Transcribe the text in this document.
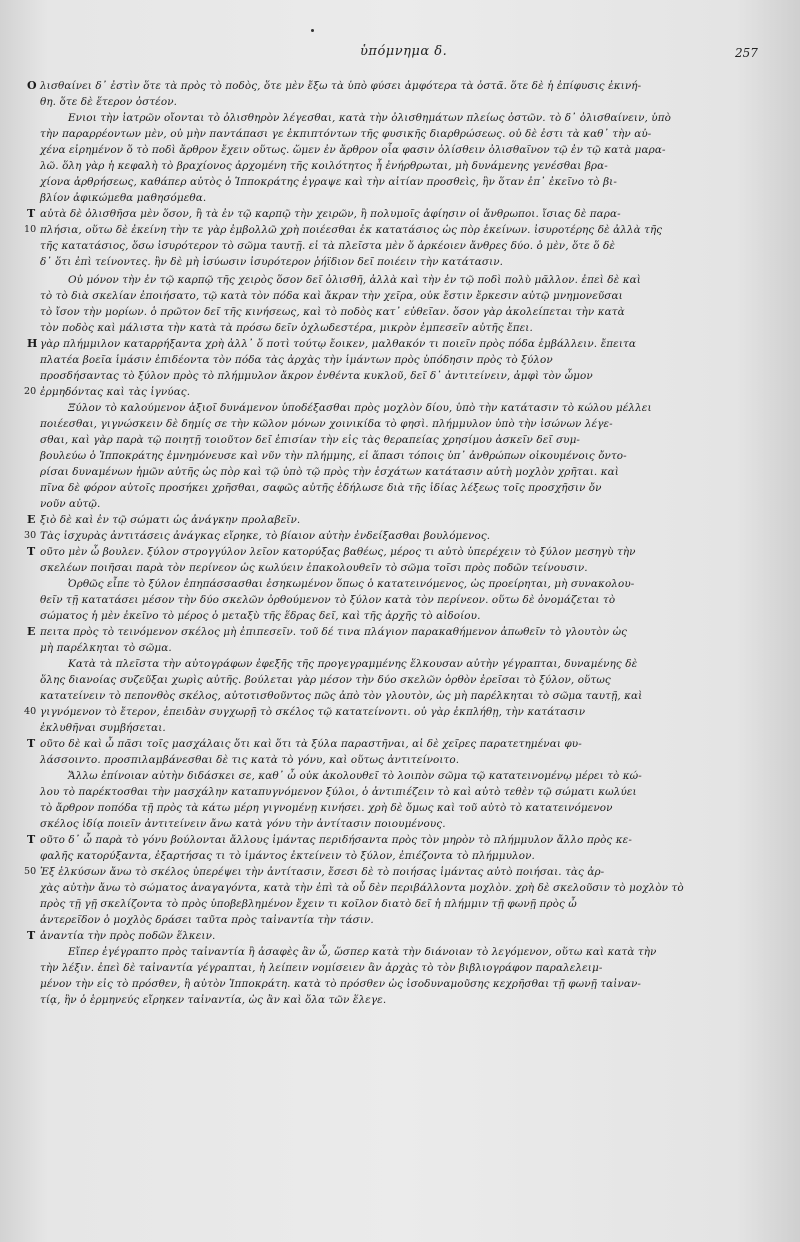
ὑπόμνημα δ.	257
Ο λισθαίνει δ᾽ ἐστὶν ὅτε τὰ πρὸς τὸ ποδὸς, ὅτε μὲν ἔξω τὰ ὑπὸ φύσει ἀμφότερα τὰ ὀστᾶ. ὅτε δὲ ἡ ἐπίφυσις ἐκινή-
θη. ὅτε δὲ ἕτερον ὀστέον.
Ενιοι τὴν ἰατρῶν οἴονται τὸ ὀλισθηρὸν λέγεσθαι, κατὰ τὴν ὀλισθημάτων πλείως ὀστῶν. τὸ δ᾽ ὀλισθαίνειν, ὑπὸ
τὴν παραρρέοντων μὲν, οὐ μὴν παντάπασι γε ἐκπιπτόντων τῆς φυσικῆς διαρθρώσεως. οὐ δὲ ἐστι τὰ καθ᾽ τὴν αὐ-
χένα εἰρημένον ὅ τὸ ποδὶ ἄρθρον ἔχειν οὕτως. ὥμεν ἐν ἄρθρον οἷα φασιν ὀλίσθειν ὀλισθαῖνον τῷ ἐν τῷ κατὰ μαρα-
λῶ. ὅλη γὰρ ἡ κεφαλὴ τὸ βραχίονος ἀρχομένη τῆς κοιλότητος ἧ ἐνήρθρωται, μὴ δυνάμενης γενέσθαι βρα-
χίονα ἀρθρήσεως, καθάπερ αὐτὸς ὁ Ἱπποκράτης ἐγραψε καὶ τὴν αἰτίαν προσθεὶς, ἣν ὅταν ἐπ᾽ ἐκεῖνο τὸ βι-
βλίον ἀφικώμεθα μαθησόμεθα.
Τ αὐτὰ δὲ ὀλισθῆσα μὲν ὅσον, ἢ τὰ ἐν τῷ καρπῷ τὴν χειρῶν, ἢ πολυμοῖς ἀφίησιν οἱ ἄνθρωποι. ἴσιας δὲ παρα-
10 πλήσια, οὕτω δὲ ἐκείνη τὴν τε γὰρ ἐμβολλῶ χρὴ ποιέεσθαι ἐκ κατατάσιος ὡς πὸρ ἐκείνων. ἰσυροτέρης δὲ ἀλλὰ τῆς
τῆς κατατάσιος, ὅσω ἰσυρότερον τὸ σῶμα ταυτῇ. εἰ τὰ πλεῖστα μὲν ὅ ἀρκέοιεν ἄνθρες δύο. ὁ μὲν, ὅτε ὅ δὲ
δ᾽ ὅτι ἐπὶ τείνοντες. ἢν δὲ μὴ ἰσύωσιν ἰσυρότερον ῥήϊδιον δεῖ ποιέειν τὴν κατάτασιν.
Οὐ μόνον τὴν ἐν τῷ καρπῷ τῆς χειρὸς ὅσον δεῖ ὀλισθῆ, ἀλλὰ καὶ τὴν ἐν τῷ ποδὶ πολὺ μᾶλλον. ἐπεὶ δὲ καὶ
τὸ τὸ διὰ σκελίαν ἐποιήσατο, τῷ κατὰ τὸν πόδα καὶ ἄκραν τὴν χεῖρα, οὐκ ἔστιν ἔρκεσιν αὐτῷ μνημονεῦσαι
τὸ ἴσον τὴν μορίων. ὁ πρῶτον δεῖ τῆς κινήσεως, καὶ τὸ ποδὸς κατ᾽ εὐθεῖαν. ὅσον γὰρ ἀκολείπεται τὴν κατὰ
τὸν ποδὸς καὶ μάλιστα τὴν κατὰ τὰ πρόσω δεῖν ὀχλωδεστέρα, μικρὸν ἐμπεσεῖν αὐτῆς ἔπει.
Η γὰρ πλήμμιλον καταρρήξαντα χρὴ ἀλλ᾽ ὅ ποτὶ τούτῳ ἔοικεν, μαλθακόν τι ποιεῖν πρὸς πόδα ἐμβάλλειν. ἔπειτα
πλατέα βοεῖα ἱμάσιν ἐπιδέοντα τὸν πόδα τὰς ἀρχὰς τὴν ἱμάντων πρὸς ὑπόδησιν πρὸς τὸ ξύλον
προσδήσαντας τὸ ξύλον πρὸς τὸ πλήμμυλον ἄκρον ἐνθέντα κυκλοῦ, δεῖ δ᾽ ἀντιτείνειν, ἀμφὶ τὸν ὦμον
20 ἐρμηδόντας καὶ τὰς ἰγνύας.
Ξύλον τὸ καλούμενον ἀξιοῖ δυνάμενον ὑποδέξασθαι πρὸς μοχλὸν δίου, ὑπὸ τὴν κατάτασιν τὸ κώλου μέλλει
ποιέεσθαι, γιγνώσκειν δὲ δημίς σε τὴν κῶλον μόνων χοινικίδα τὸ φησὶ. πλήμμυλον ὑπὸ τὴν ἰσώνων λέγε-
σθαι, καὶ γὰρ παρὰ τῷ ποιητῇ τοιοῦτον δεῖ ἐπισίαν τὴν εἰς τὰς θεραπείας χρησίμου ἀσκεῖν δεῖ συμ-
βουλεύω ὁ Ἱπποκράτης ἐμνημόνευσε καὶ νῦν τὴν πλήμμης, εἰ ἅπασι τόποις ὑπ᾽ ἀνθρώπων οἰκουμένοις ὄντο-
ρίσαι δυναμένων ἡμῶν αὐτῆς ὡς πὸρ καὶ τῷ ὑπὸ τῷ πρὸς τὴν ἐσχάτων κατάτασιν αὐτὴ μοχλὸν χρῆται. καὶ
πῖνα δὲ φόρον αὐτοῖς προσήκει χρῆσθαι, σαφῶς αὐτῆς ἐδήλωσε διὰ τῆς ἰδίας λέξεως τοῖς προσχῆσιν ὄν
νοῦν αὐτῷ.
Ε ξιὸ δὲ καὶ ἐν τῷ σώματι ὡς ἀνάγκην προλαβεῖν.
30 Τὰς ἰσχυρὰς ἀντιτάσεις ἀνάγκας εἴρηκε, τὸ βίαιον αὐτὴν ἐνδείξασθαι βουλόμενος.
Τ οῦτο μὲν ὦ βουλεν. ξύλον στρογγύλον λεῖον κατορύξας βαθέως, μέρος τι αὐτὸ ὑπερέχειν τὸ ξύλον μεσηγὺ τὴν
σκελέων ποιῆσαι παρὰ τὸν περίνεον ὡς κωλύειν ἐπακολουθεῖν τὸ σῶμα τοῖσι πρὸς ποδῶν τείνουσιν.
Ὀρθῶς εἶπε τὸ ξύλον ἐπηπάσσασθαι ἐσηκωμένον ὅπως ὁ κατατεινόμενος, ὡς προείρηται, μὴ συνακολου-
θεῖν τῇ κατατάσει μέσον τὴν δύο σκελῶν ὀρθούμενον τὸ ξύλον κατὰ τὸν περίνεον. οὕτω δὲ ὀνομάζεται τὸ
σώματος ἡ μὲν ἐκεῖνο τὸ μέρος ὁ μεταξὺ τῆς ἕδρας δεῖ, καὶ τῆς ἀρχῆς τὸ αἰδοίου.
Ε πειτα πρὸς τὸ τεινόμενον σκέλος μὴ ἐπιπεσεῖν. τοῦ δέ τινα πλάγιον παρακαθήμενον ἀπωθεῖν τὸ γλουτὸν ὡς
μὴ παρέλκηται τὸ σῶμα.
Κατὰ τὰ πλεῖστα τὴν αὐτογράφων ἐφεξῆς τῆς προγεγραμμένης ἕλκουσαν αὐτὴν γέγραπται, δυναμένης δὲ
ὅλης διανοίας συζεῦξαι χωρὶς αὐτῆς. βούλεται γὰρ μέσον τὴν δύο σκελῶν ὀρθὸν ἐρεῖσαι τὸ ξύλον, οὕτως
κατατείνειν τὸ πεπονθὸς σκέλος, αὐτοτισθοῦντος πῶς ἀπὸ τὸν γλουτὸν, ὡς μὴ παρέλκηται τὸ σῶμα ταυτῇ, καὶ
40 γιγνόμενον τὸ ἔτερον, ἐπειδὰν συγχωρῇ τὸ σκέλος τῷ κατατείνοντι. οὐ γὰρ ἐκπλήθῃ, τὴν κατάτασιν
ἐκλυθῆναι συμβήσεται.
Τ οῦτο δὲ καὶ ὦ πᾶσι τοῖς μασχάλαις ὅτι καὶ ὅτι τὰ ξύλα παραστῆναι, αἱ δὲ χεῖρες παρατετημέναι φυ-
λάσσοιντο. προσπιλαμβάνεσθαι δὲ τις κατὰ τὸ γόνυ, καὶ οὕτως ἀντιτείνοιτο.
Ἄλλω ἐπίνοιαν αὐτὴν διδάσκει σε, καθ᾽ ὦ οὐκ ἀκολουθεῖ τὸ λοιπὸν σῶμα τῷ κατατεινομένῳ μέρει τὸ κώ-
λου τὸ παρέκτοσθαι τὴν μασχάλην καταπυγνόμενον ξύλοι, ὁ ἀντιπιέζειν τὸ καὶ αὐτὸ τεθὲν τῷ σώματι κωλύει
τὸ ἄρθρον ποπόδα τῇ πρὸς τὰ κάτω μέρη γιγνομένῃ κινήσει. χρὴ δὲ ὅμως καὶ τοῦ αὐτὸ τὸ κατατεινόμενον
σκέλος ἰδίᾳ ποιεῖν ἀντιτείνειν ἄνω κατὰ γόνυ τὴν ἀντίτασιν ποιουμένους.
Τ οῦτο δ᾽ ὦ παρὰ τὸ γόνυ βούλονται ἄλλους ἱμάντας περιδήσαντα πρὸς τὸν μηρὸν τὸ πλήμμυλον ἄλλο πρὸς κε-
φαλῆς κατορύξαντα, ἐξαρτήσας τι τὸ ἱμάντος ἐκτείνειν τὸ ξύλον, ἐπιέζοντα τὸ πλήμμυλον.
50 Ἐξ ἑλκύσων ἄνω τὸ σκέλος ὑπερέψει τὴν ἀντίτασιν, ἔσεσι δὲ τὸ ποιήσας ἱμάντας αὐτὸ ποιήσαι. τὰς ἀρ-
χὰς αὐτὴν ἄνω τὸ σώματος ἀναγαγόντα, κατὰ τὴν ἐπὶ τὰ οὗ δὲν περιβάλλοντα μοχλὸν. χρὴ δὲ σκελοῦσιν τὸ μοχλὸν τὸ
πρὸς τῇ γῇ σκελίζοντα τὸ πρὸς ὑποβεβλημένον ἔχειν τι κοῖλον διατὸ δεῖ ἡ πλήμμιν τῇ φωνῇ πρὸς ὦ
ἀντερεῖδον ὁ μοχλὸς δράσει ταῦτα πρὸς ταἰναντία τὴν τάσιν.
Τ ἀναντία τὴν πρὸς ποδῶν ἕλκειν.
Εἴπερ ἐγέγραπτο πρὸς ταἰναντία ἢ ἀσαφὲς ἂν ὦ, ὥσπερ κατὰ τὴν διάνοιαν τὸ λεγόμενον, οὕτω καὶ κατὰ τὴν
τὴν λέξιν. ἐπεὶ δὲ ταἰναντία γέγραπται, ἡ λείπειν νομίσειεν ἂν ἀρχὰς τὸ τὸν βιβλιογράφον παραλελειμ-
μένον τὴν εἰς τὸ πρόσθεν, ἢ αὐτὸν Ἱπποκράτη. κατὰ τὸ πρόσθεν ὡς ἰσοδυναμοῦσης κεχρῆσθαι τῇ φωνῇ ταἰναν-
τίᾳ, ἣν ὁ ἑρμηνεύς εἴρηκεν ταἰναντία, ὡς ἂν καὶ ὅλα τῶν ἕλεγε.
